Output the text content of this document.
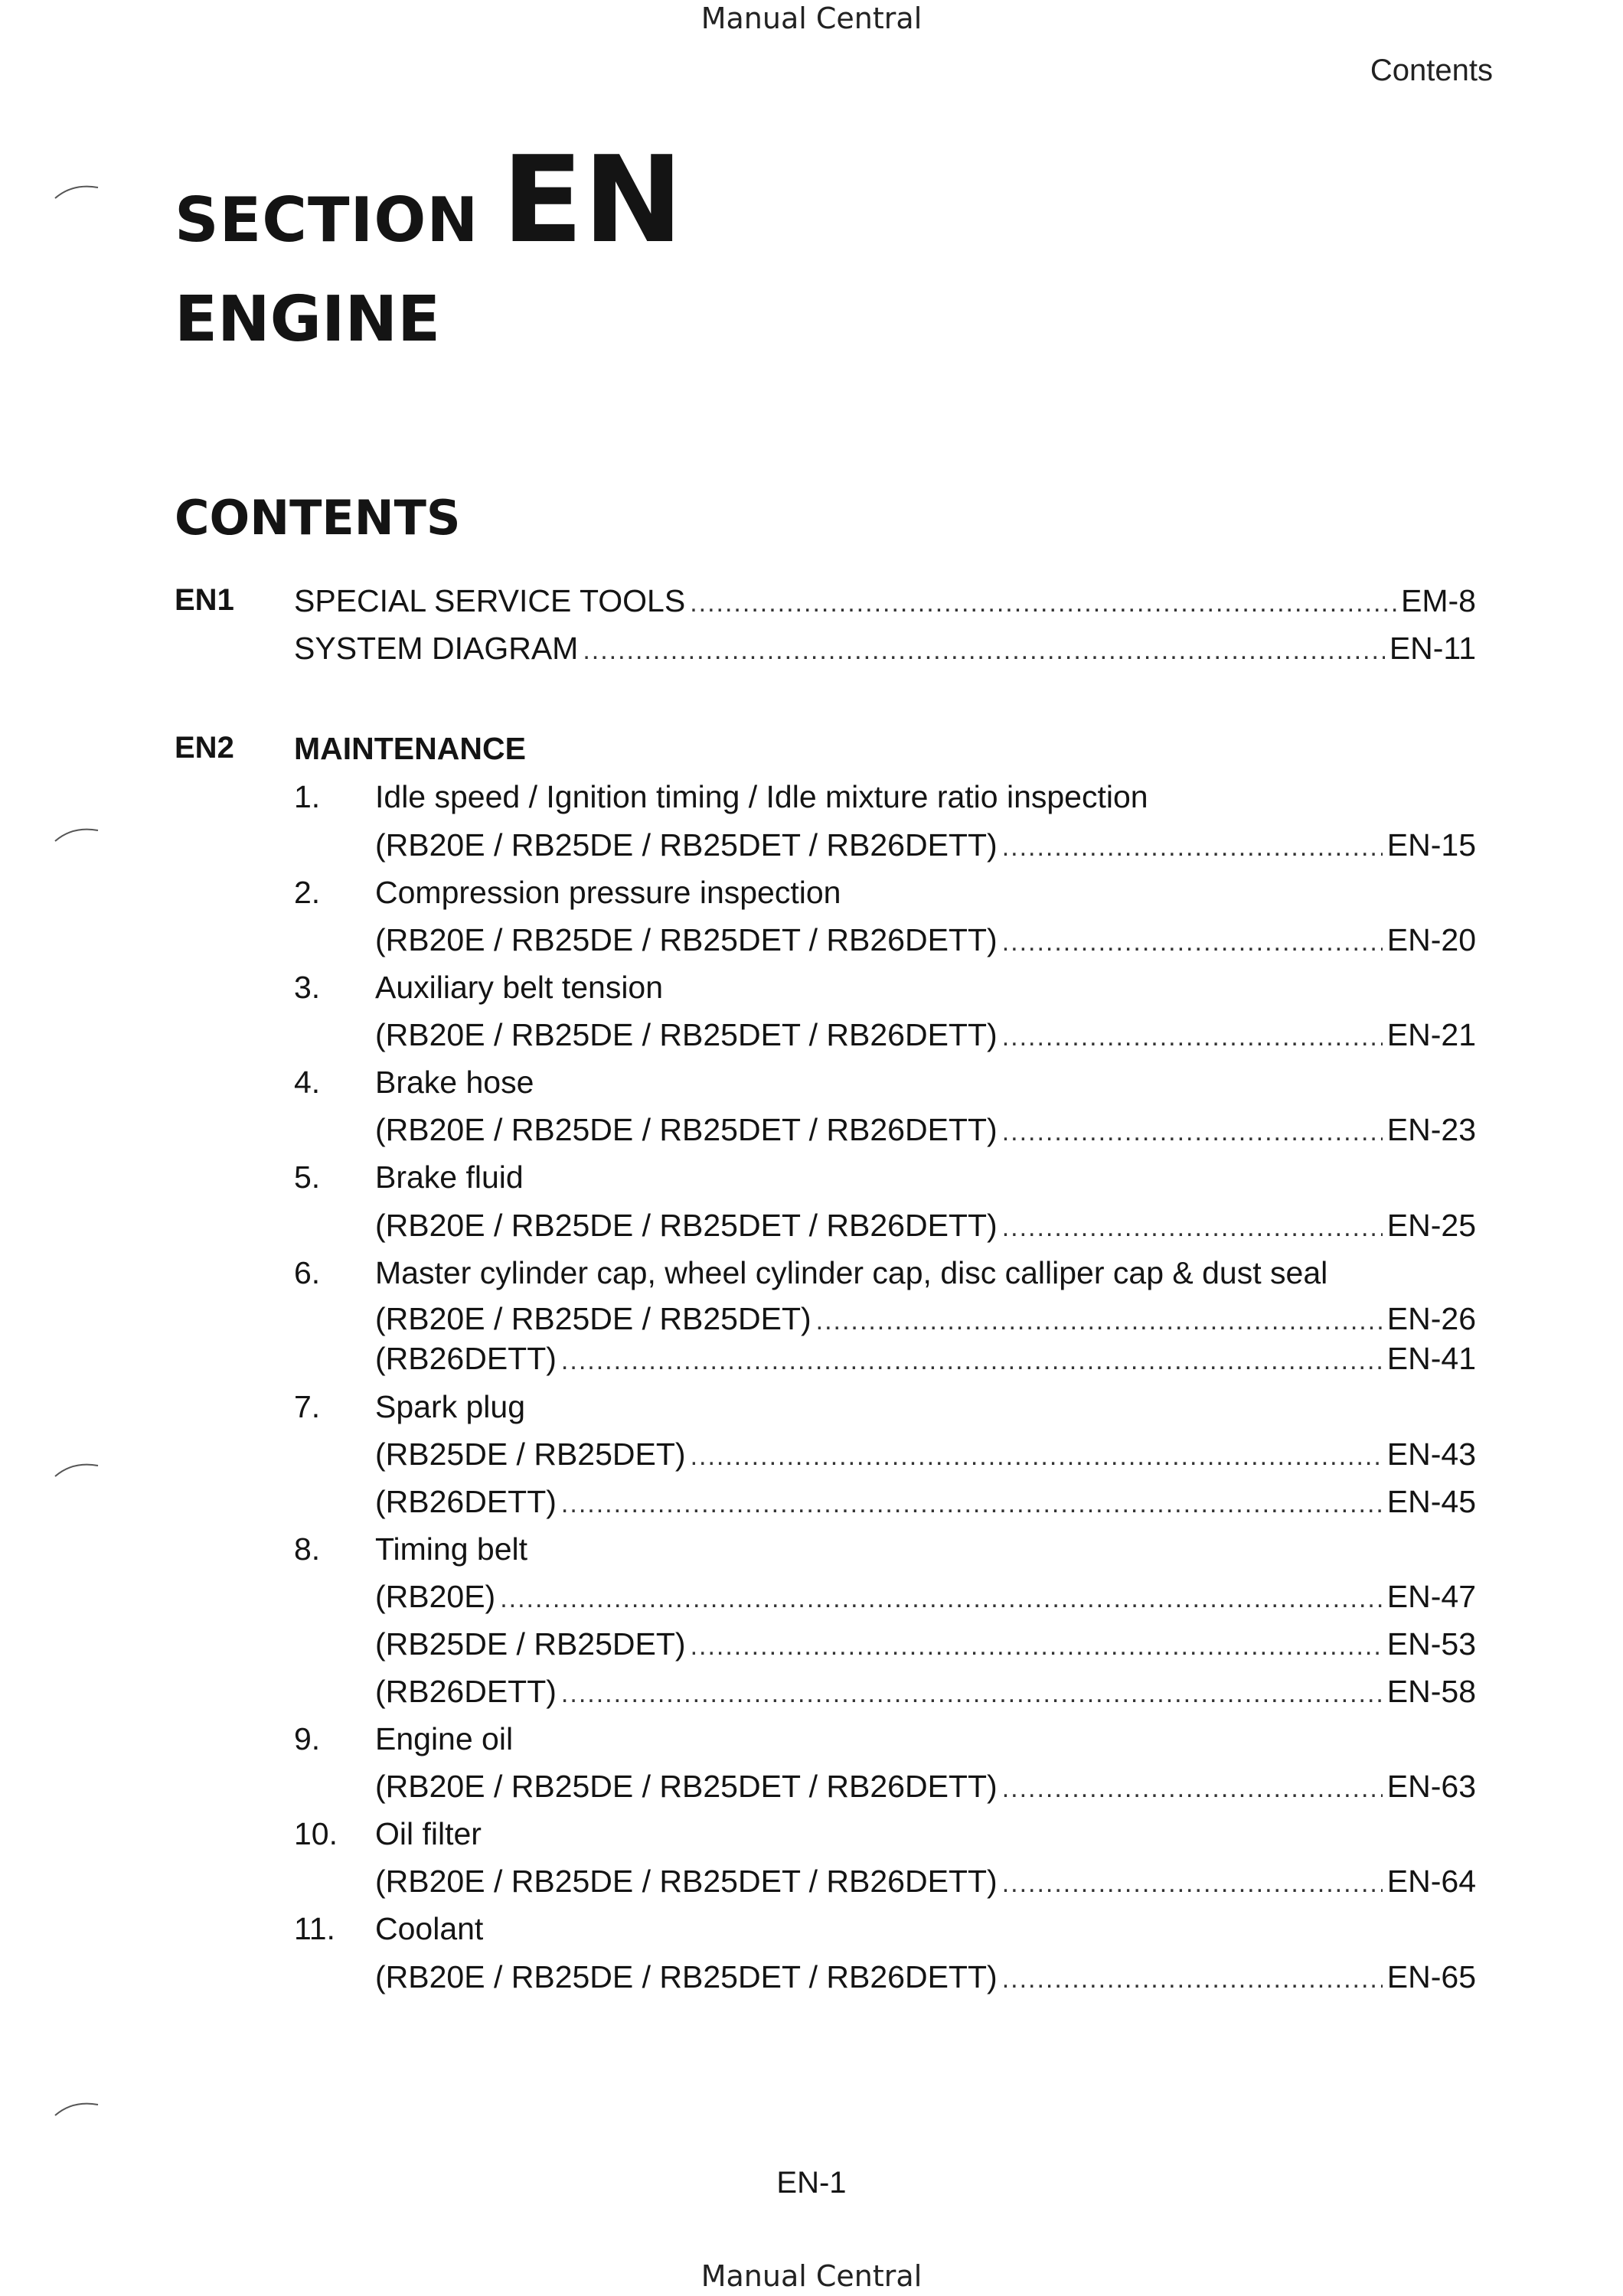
Manual Central
Contents
SECTION EN
ENGINE
CONTENTS
EN1 SPECIAL SERVICE TOOLS .....	EM-8
SYSTEM DIAGRAM .....	EN-11
EN2 MAINTENANCE
1. Idle speed / Ignition timing / Idle mixture ratio inspection
(RB20E / RB25DE / RB25DET / RB26DETT) .....	EN-15
2. Compression pressure inspection
(RB20E / RB25DE / RB25DET / RB26DETT) .....	EN-20
3. Auxiliary belt tension
(RB20E / RB25DE / RB25DET / RB26DETT) .....	EN-21
4. Brake hose
(RB20E / RB25DE / RB25DET / RB26DETT) .....	EN-23
5. Brake fluid
(RB20E / RB25DE / RB25DET / RB26DETT) .....	EN-25
6. Master cylinder cap, wheel cylinder cap, disc calliper cap & dust seal
(RB20E / RB25DE / RB25DET) .....	EN-26
(RB26DETT) .....	EN-41
7. Spark plug
(RB25DE / RB25DET) .....	EN-43
(RB26DETT) .....	EN-45
8. Timing belt
(RB20E) .....	EN-47
(RB25DE / RB25DET) .....	EN-53
(RB26DETT) .....	EN-58
9. Engine oil
(RB20E / RB25DE / RB25DET / RB26DETT) .....	EN-63
10. Oil filter
(RB20E / RB25DE / RB25DET / RB26DETT) .....	EN-64
11. Coolant
(RB20E / RB25DE / RB25DET / RB26DETT) .....	EN-65
EN-1
Manual Central
